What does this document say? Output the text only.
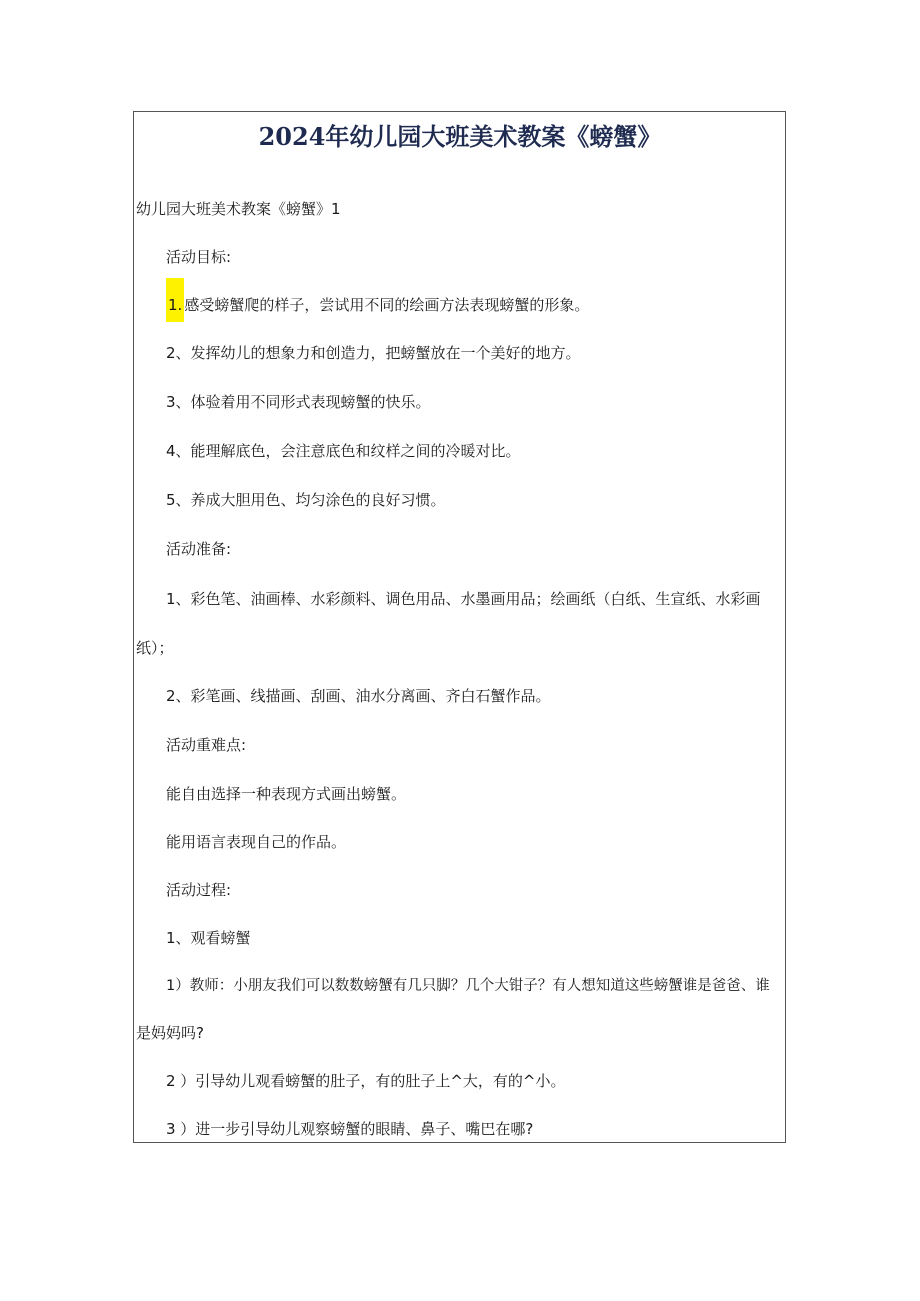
2024年幼儿园大班美术教案《螃蟹》
幼儿园大班美术教案《螃蟹》1
活动目标:
1. 感受螃蟹爬的样子，尝试用不同的绘画方法表现螃蟹的形象。
2、发挥幼儿的想象力和创造力，把螃蟹放在一个美好的地方。
3、体验着用不同形式表现螃蟹的快乐。
4、能理解底色，会注意底色和纹样之间的冷暖对比。
5、养成大胆用色、均匀涂色的良好习惯。
活动准备:
1、彩色笔、油画棒、水彩颜料、调色用品、水墨画用品；绘画纸（白纸、生宣纸、水彩画
纸）；
2、彩笔画、线描画、刮画、油水分离画、齐白石蟹作品。
活动重难点:
能自由选择一种表现方式画出螃蟹。
能用语言表现自己的作品。
活动过程:
1、观看螃蟹
1）教师：小朋友我们可以数数螃蟹有几只脚？几个大钳子？有人想知道这些螃蟹谁是爸爸、谁
是妈妈吗?
2 ）引导幼儿观看螃蟹的肚子，有的肚子上^大，有的^小。
3 ）进一步引导幼儿观察螃蟹的眼睛、鼻子、嘴巴在哪?
